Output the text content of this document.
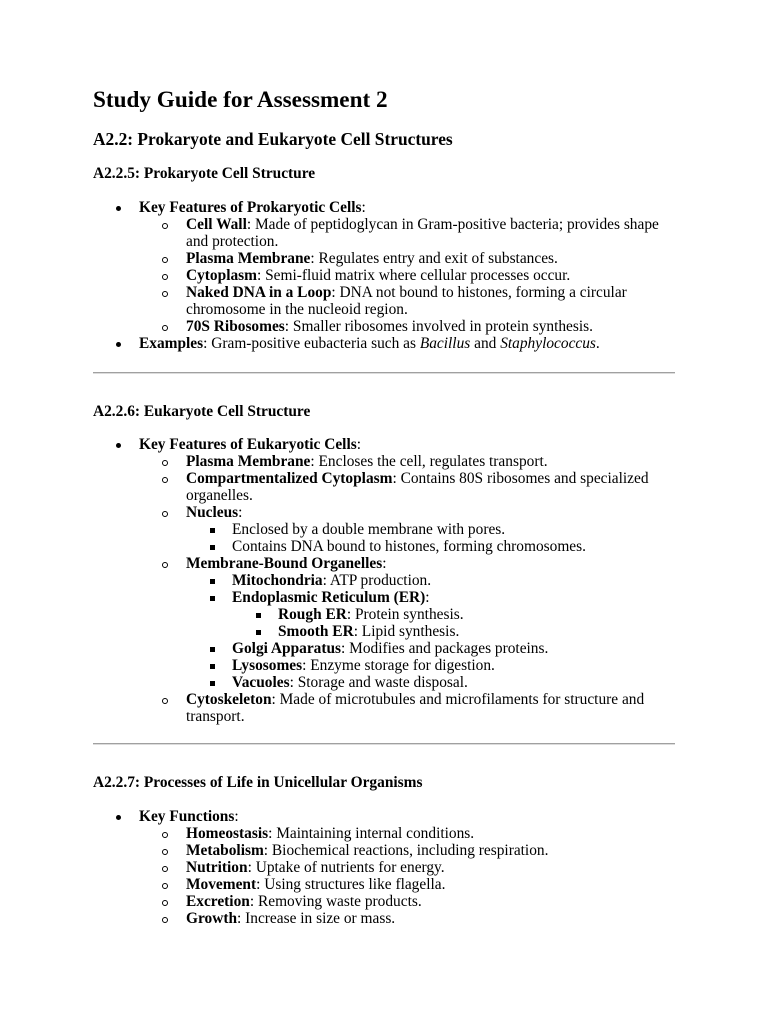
Study Guide for Assessment 2
A2.2: Prokaryote and Eukaryote Cell Structures
A2.2.5: Prokaryote Cell Structure
Key Features of Prokaryotic Cells:
Cell Wall: Made of peptidoglycan in Gram-positive bacteria; provides shape and protection.
Plasma Membrane: Regulates entry and exit of substances.
Cytoplasm: Semi-fluid matrix where cellular processes occur.
Naked DNA in a Loop: DNA not bound to histones, forming a circular chromosome in the nucleoid region.
70S Ribosomes: Smaller ribosomes involved in protein synthesis.
Examples: Gram-positive eubacteria such as Bacillus and Staphylococcus.
A2.2.6: Eukaryote Cell Structure
Key Features of Eukaryotic Cells:
Plasma Membrane: Encloses the cell, regulates transport.
Compartmentalized Cytoplasm: Contains 80S ribosomes and specialized organelles.
Nucleus:
Enclosed by a double membrane with pores.
Contains DNA bound to histones, forming chromosomes.
Membrane-Bound Organelles:
Mitochondria: ATP production.
Endoplasmic Reticulum (ER):
Rough ER: Protein synthesis.
Smooth ER: Lipid synthesis.
Golgi Apparatus: Modifies and packages proteins.
Lysosomes: Enzyme storage for digestion.
Vacuoles: Storage and waste disposal.
Cytoskeleton: Made of microtubules and microfilaments for structure and transport.
A2.2.7: Processes of Life in Unicellular Organisms
Key Functions:
Homeostasis: Maintaining internal conditions.
Metabolism: Biochemical reactions, including respiration.
Nutrition: Uptake of nutrients for energy.
Movement: Using structures like flagella.
Excretion: Removing waste products.
Growth: Increase in size or mass.
